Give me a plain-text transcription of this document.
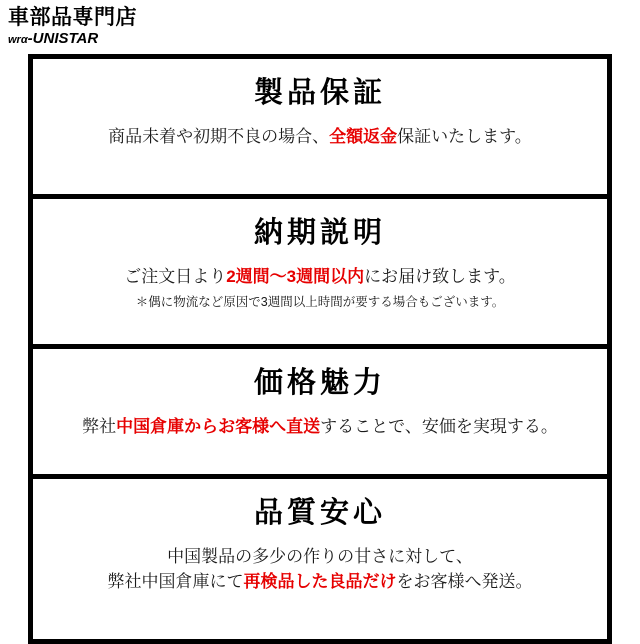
車部品専門店
wrα-UNISTAR
製品保証

商品未着や初期不良の場合、全額返金保証いたします。

納期説明

ご注文日より2週間～3週間以内にお届け致します。

＊偶に物流など原因で3週間以上時間が要する場合もございます。

価格魅力

弊社中国倉庫からお客様へ直送することで、安価を実現する。

品質安心

中国製品の多少の作りの甘さに対して、

弊社中国倉庫にて再検品した良品だけをお客様へ発送。
